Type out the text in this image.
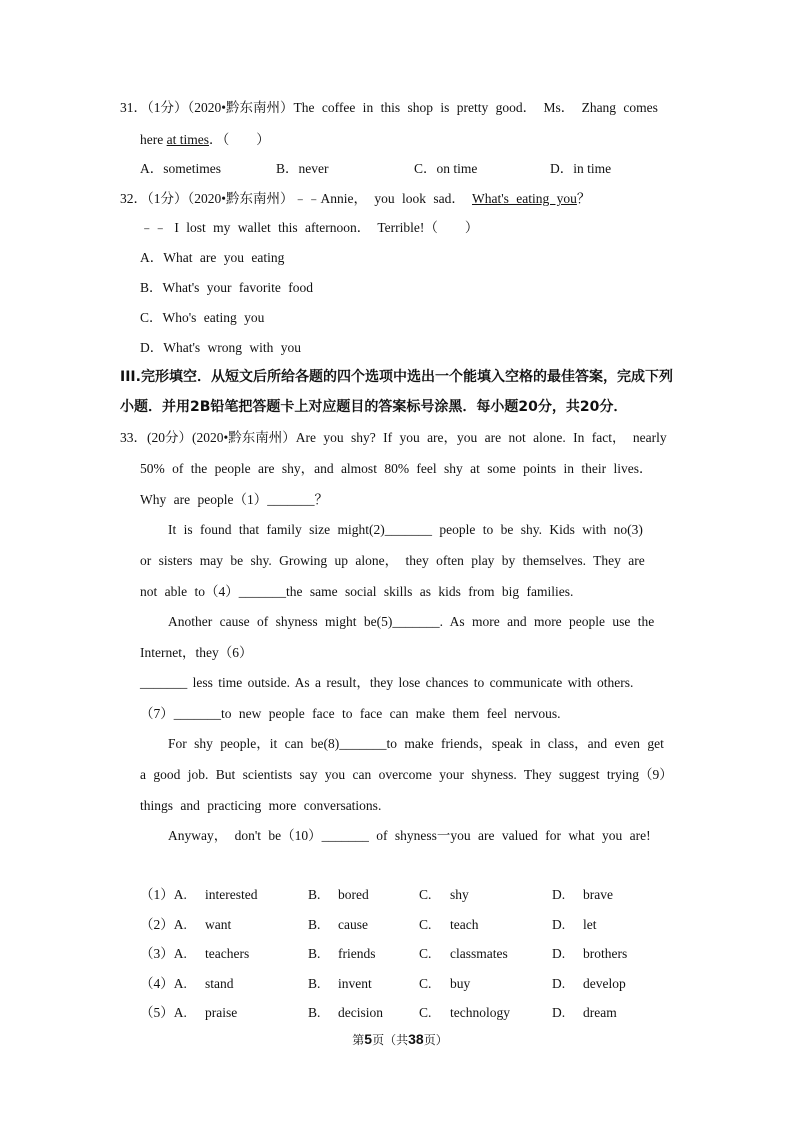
31．（1分）（2020•黔东南州）The coffee in this shop is pretty good． Ms． Zhang comes
here at times．（　　）
A．sometimes	B．never	C．on time	D．in time
32．（1分）（2020•黔东南州）﹣﹣Annie， you look sad． What's eating you？
﹣﹣ I lost my wallet this afternoon． Terrible!（　　）
A．What are you eating
B．What's your favorite food
C．Who's eating you
D．What's wrong with you
III.完形填空．从短文后所给各题的四个选项中选出一个能填入空格的最佳答案，完成下列
小题．并用2B铅笔把答题卡上对应题目的答案标号涂黑．每小题20分，共20分．
33．(20分）(2020•黔东南州）Are you shy? If you are，you are not alone. In fact， nearly
50% of the people are shy，and almost 80% feel shy at some points in their lives．
Why are people（1）_______？
It is found that family size might(2)_______ people to be shy. Kids with no(3)
or sisters may be shy. Growing up alone， they often play by themselves. They are
not able to（4）_______the same social skills as kids from big families.
Another cause of shyness might be(5)_______. As more and more people use the
Internet，they（6）
_______ less time outside. As a result，they lose chances to communicate with others.
（7）_______to new people face to face can make them feel nervous.
For shy people，it can be(8)_______to make friends，speak in class，and even get
a good job. But scientists say you can overcome your shyness. They suggest trying（9）
things and practicing more conversations.
Anyway， don't be（10）_______ of shyness一you are valued for what you are!
（1）A. interested	B. bored	C. shy	D. brave
（2）A. want	B. cause	C. teach	D. let
（3）A. teachers	B. friends	C. classmates	D. brothers
（4）A. stand	B. invent	C. buy	D. develop
（5）A. praise	B. decision	C. technology	D. dream
第5页（共38页）
